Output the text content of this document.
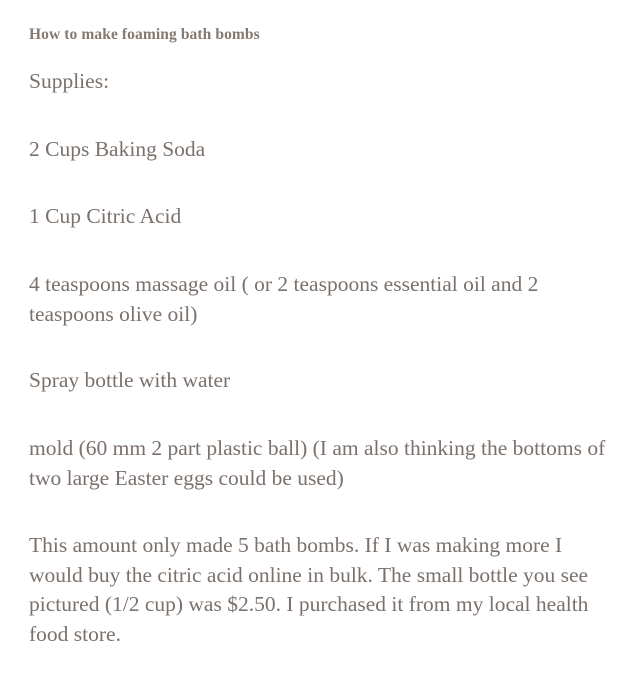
How to make foaming bath bombs
Supplies:
2 Cups Baking Soda
1 Cup Citric Acid
4 teaspoons massage oil ( or 2 teaspoons essential oil and 2 teaspoons olive oil)
Spray bottle with water
mold (60 mm 2 part plastic ball) (I am also thinking the bottoms of two large Easter eggs could be used)
This amount only made 5 bath bombs. If I was making more I would buy the citric acid online in bulk. The small bottle you see pictured (1/2 cup) was $2.50. I purchased it from my local health food store.
